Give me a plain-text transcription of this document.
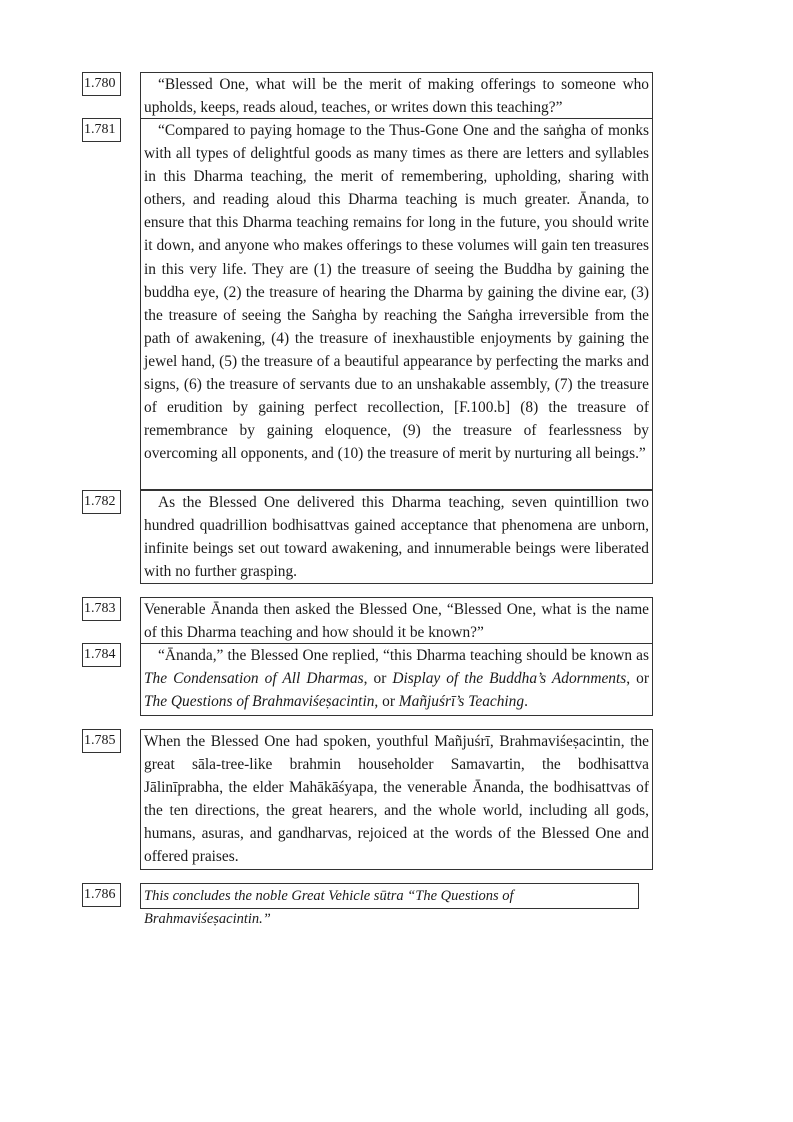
1.780	“Blessed One, what will be the merit of making offerings to someone who upholds, keeps, reads aloud, teaches, or writes down this teaching?”

1.781	“Compared to paying homage to the Thus-Gone One and the saṅgha of monks with all types of delightful goods as many times as there are letters and syllables in this Dharma teaching, the merit of remembering, upholding, sharing with others, and reading aloud this Dharma teaching is much greater. Ānanda, to ensure that this Dharma teaching remains for long in the future, you should write it down, and anyone who makes offerings to these volumes will gain ten treasures in this very life. They are (1) the treasure of seeing the Buddha by gaining the buddha eye, (2) the treasure of hearing the Dharma by gaining the divine ear, (3) the treasure of seeing the Saṅgha by reaching the Saṅgha irreversible from the path of awakening, (4) the treasure of inexhaustible enjoyments by gaining the jewel hand, (5) the treasure of a beautiful appearance by perfecting the marks and signs, (6) the treasure of servants due to an unshakable assembly, (7) the treasure of erudition by gaining perfect recollection, [F.100.b] (8) the treasure of remembrance by gaining eloquence, (9) the treasure of fearlessness by overcoming all opponents, and (10) the treasure of merit by nurturing all beings.”

1.782	As the Blessed One delivered this Dharma teaching, seven quintillion two hundred quadrillion bodhisattvas gained acceptance that phenomena are unborn, infinite beings set out toward awakening, and innumerable beings were liberated with no further grasping.

1.783	Venerable Ānanda then asked the Blessed One, “Blessed One, what is the name of this Dharma teaching and how should it be known?”

1.784	“Ānanda,” the Blessed One replied, “this Dharma teaching should be known as The Condensation of All Dharmas, or Display of the Buddha’s Adornments, or The Questions of Brahmaviśeṣacintin, or Mañjuśrī’s Teaching.

1.785	When the Blessed One had spoken, youthful Mañjuśrī, Brahmaviśeṣacintin, the great sāla-tree-like brahmin householder Samavartin, the bodhisattva Jālinīprabha, the elder Mahākāśyapa, the venerable Ānanda, the bodhisattvas of the ten directions, the great hearers, and the whole world, including all gods, humans, asuras, and gandharvas, rejoiced at the words of the Blessed One and offered praises.

1.786	This concludes the noble Great Vehicle sūtra “The Questions of Brahmaviśeṣacintin.”
